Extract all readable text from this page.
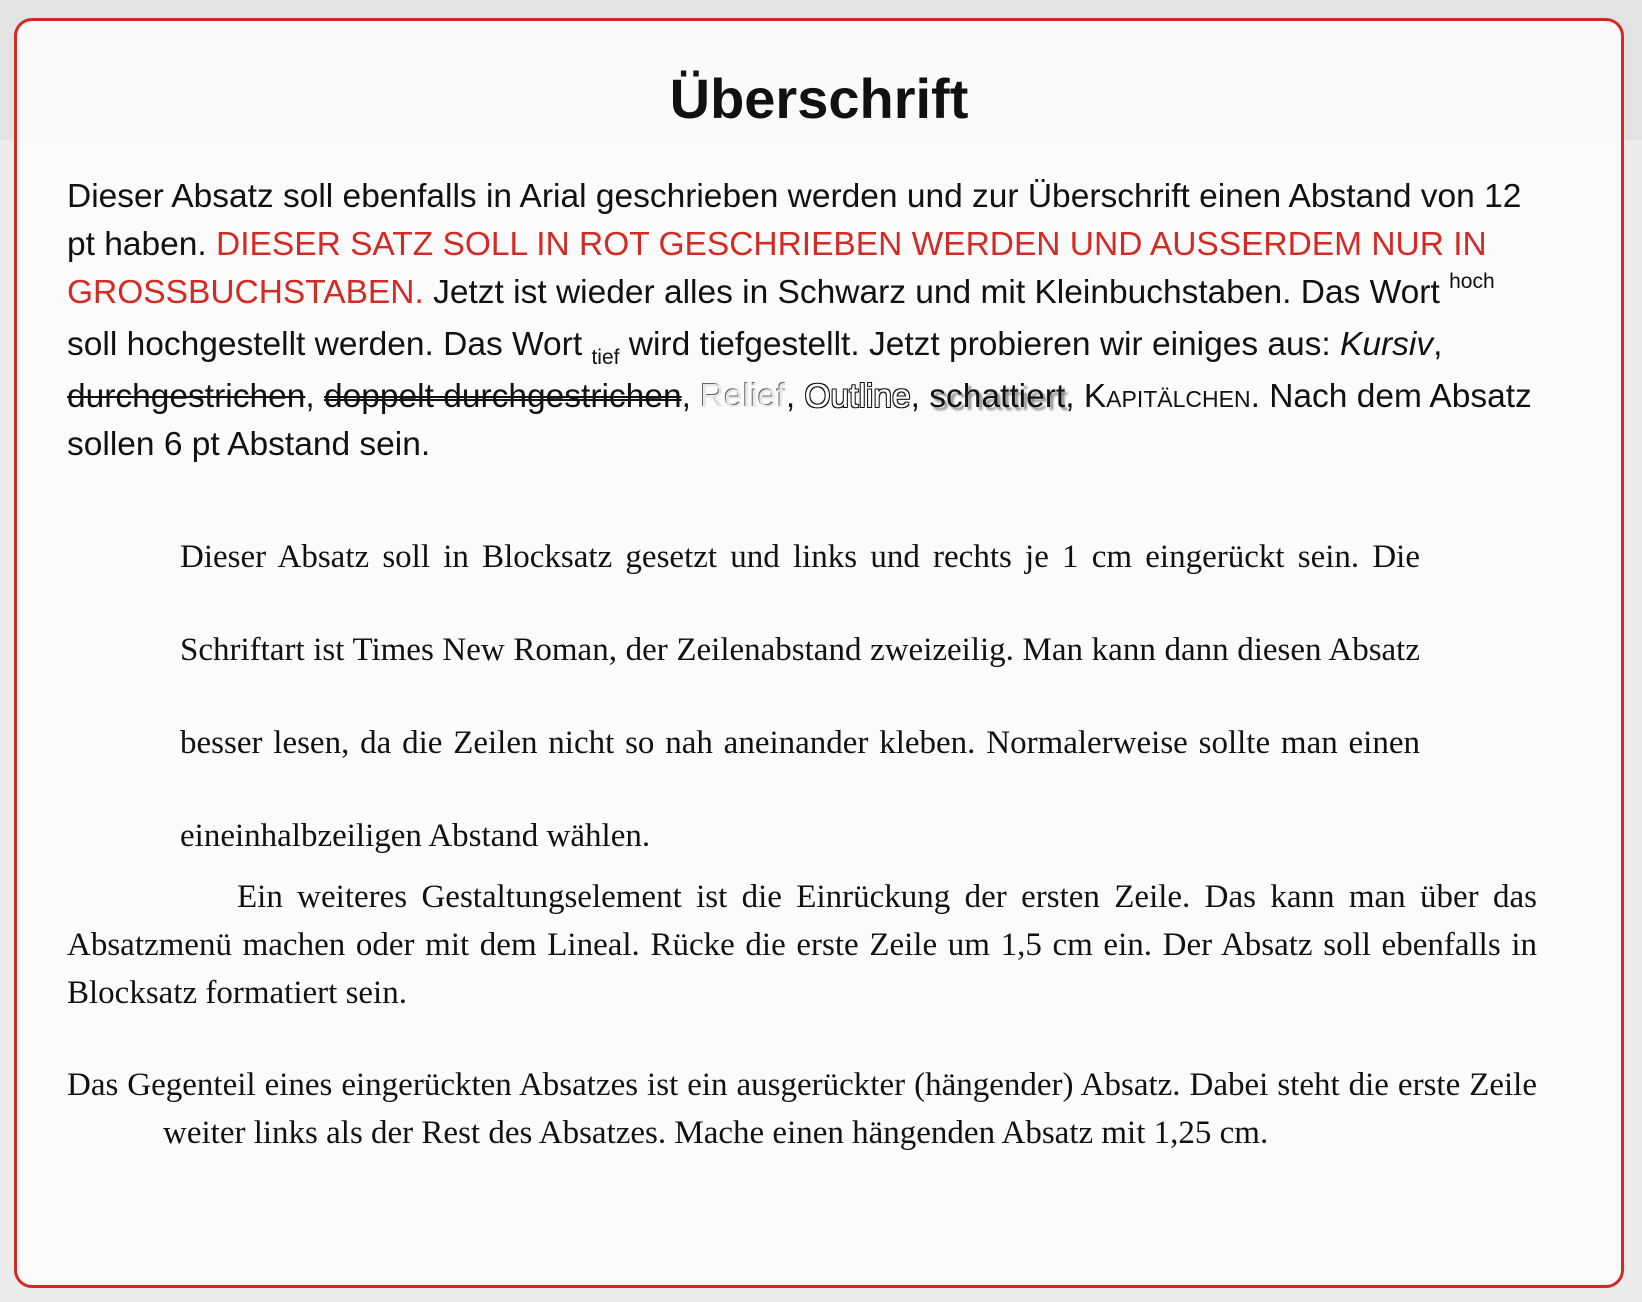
Überschrift

Dieser Absatz soll ebenfalls in Arial geschrieben werden und zur Überschrift einen Abstand von 12 pt haben. DIESER SATZ SOLL IN ROT GESCHRIEBEN WERDEN UND AUSSERDEM NUR IN GROSSBUCHSTABEN. Jetzt ist wieder alles in Schwarz und mit Kleinbuchstaben. Das Wort $^{hoch}$ soll hochgestellt werden. Das Wort $_{tief}$ wird tiefgestellt. Jetzt probieren wir einiges aus: Kursiv, durchgestrichen, doppelt durchgestrichen, Relief, Outline, schattiert, Kapitälchen. Nach dem Absatz sollen 6 pt Abstand sein.

Dieser Absatz soll in Blocksatz gesetzt und links und rechts je 1 cm eingerückt sein. Die Schriftart ist Times New Roman, der Zeilenabstand zweizeilig. Man kann dann diesen Absatz besser lesen, da die Zeilen nicht so nah aneinander kleben. Normalerweise sollte man einen eineinhalbzeiligen Abstand wählen.

Ein weiteres Gestaltungselement ist die Einrückung der ersten Zeile. Das kann man über das Absatzmenü machen oder mit dem Lineal. Rücke die erste Zeile um 1,5 cm ein. Der Absatz soll ebenfalls in Blocksatz formatiert sein.

Das Gegenteil eines eingerückten Absatzes ist ein ausgerückter (hängender) Absatz. Dabei steht die erste Zeile weiter links als der Rest des Absatzes. Mache einen hängenden Absatz mit 1,25 cm.
